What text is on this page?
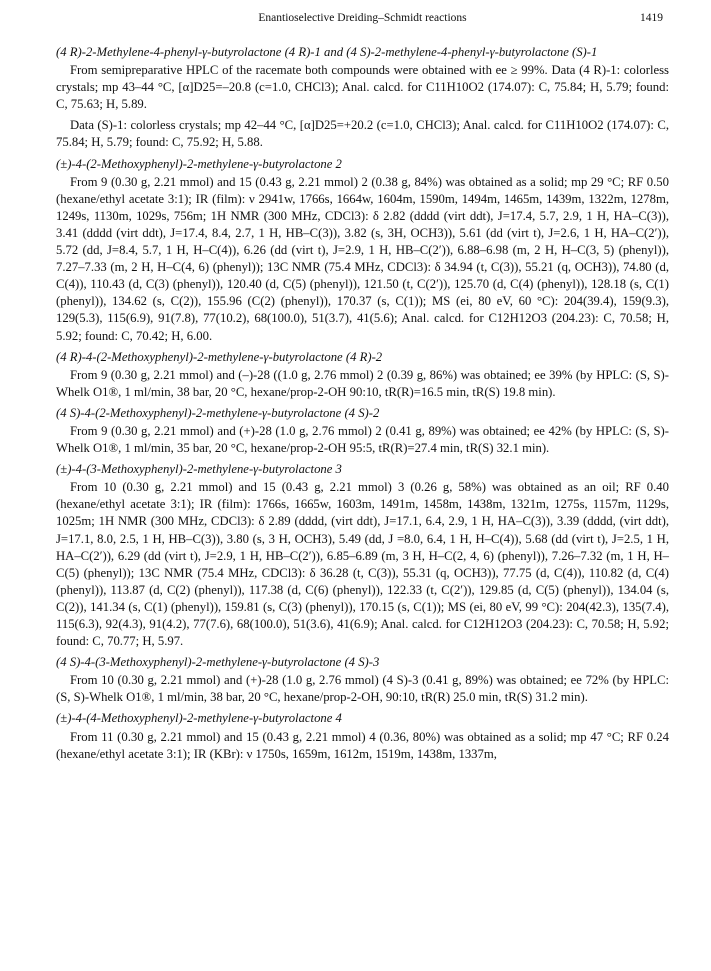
Enantioselective Dreiding–Schmidt reactions	1419
(4 R)-2-Methylene-4-phenyl-γ-butyrolactone (4 R)-1 and (4 S)-2-methylene-4-phenyl-γ-butyrolactone (S)-1

From semipreparative HPLC of the racemate both compounds were obtained with ee ≥ 99%. Data (4 R)-1: colorless crystals; mp 43–44 °C, [α]D25=–20.8 (c=1.0, CHCl3); Anal. calcd. for C11H10O2 (174.07): C, 75.84; H, 5.79; found: C, 75.63; H, 5.89.

Data (S)-1: colorless crystals; mp 42–44 °C, [α]D25=+20.2 (c=1.0, CHCl3); Anal. calcd. for C11H10O2 (174.07): C, 75.84; H, 5.79; found: C, 75.92; H, 5.88.

(±)-4-(2-Methoxyphenyl)-2-methylene-γ-butyrolactone 2

From 9 (0.30 g, 2.21 mmol) and 15 (0.43 g, 2.21 mmol) 2 (0.38 g, 84%) was obtained as a solid; mp 29 °C; RF 0.50 (hexane/ethyl acetate 3:1); IR (film): ν 2941w, 1766s, 1664w, 1604m, 1590m, 1494m, 1465m, 1439m, 1322m, 1278m, 1249s, 1130m, 1029s, 756m; 1H NMR (300 MHz, CDCl3): δ 2.82 (dddd (virt ddt), J=17.4, 5.7, 2.9, 1 H, HA–C(3)), 3.41 (dddd (virt ddt), J=17.4, 8.4, 2.7, 1 H, HB–C(3)), 3.82 (s, 3H, OCH3)), 5.61 (dd (virt t), J=2.6, 1 H, HA–C(2′)), 5.72 (dd, J=8.4, 5.7, 1 H, H–C(4)), 6.26 (dd (virt t), J=2.9, 1 H, HB–C(2′)), 6.88–6.98 (m, 2 H, H–C(3, 5) (phenyl)), 7.27–7.33 (m, 2 H, H–C(4, 6) (phenyl)); 13C NMR (75.4 MHz, CDCl3): δ 34.94 (t, C(3)), 55.21 (q, OCH3)), 74.80 (d, C(4)), 110.43 (d, C(3) (phenyl)), 120.40 (d, C(5) (phenyl)), 121.50 (t, C(2′)), 125.70 (d, C(4) (phenyl)), 128.18 (s, C(1) (phenyl)), 134.62 (s, C(2)), 155.96 (C(2) (phenyl)), 170.37 (s, C(1)); MS (ei, 80 eV, 60 °C): 204(39.4), 159(9.3), 129(5.3), 115(6.9), 91(7.8), 77(10.2), 68(100.0), 51(3.7), 41(5.6); Anal. calcd. for C12H12O3 (204.23): C, 70.58; H, 5.92; found: C, 70.42; H, 6.00.

(4 R)-4-(2-Methoxyphenyl)-2-methylene-γ-butyrolactone (4 R)-2

From 9 (0.30 g, 2.21 mmol) and (–)-28 ((1.0 g, 2.76 mmol) 2 (0.39 g, 86%) was obtained; ee 39% (by HPLC: (S, S)-Whelk O1®, 1 ml/min, 38 bar, 20 °C, hexane/prop-2-OH 90:10, tR(R)=16.5 min, tR(S) 19.8 min).

(4 S)-4-(2-Methoxyphenyl)-2-methylene-γ-butyrolactone (4 S)-2

From 9 (0.30 g, 2.21 mmol) and (+)-28 (1.0 g, 2.76 mmol) 2 (0.41 g, 89%) was obtained; ee 42% (by HPLC: (S, S)-Whelk O1®, 1 ml/min, 35 bar, 20 °C, hexane/prop-2-OH 95:5, tR(R)=27.4 min, tR(S) 32.1 min).

(±)-4-(3-Methoxyphenyl)-2-methylene-γ-butyrolactone 3

From 10 (0.30 g, 2.21 mmol) and 15 (0.43 g, 2.21 mmol) 3 (0.26 g, 58%) was obtained as an oil; RF 0.40 (hexane/ethyl acetate 3:1); IR (film): 1766s, 1665w, 1603m, 1491m, 1458m, 1438m, 1321m, 1275s, 1157m, 1129s, 1025m; 1H NMR (300 MHz, CDCl3): δ 2.89 (dddd, (virt ddt), J=17.1, 6.4, 2.9, 1 H, HA–C(3)), 3.39 (dddd, (virt ddt), J=17.1, 8.0, 2.5, 1 H, HB–C(3)), 3.80 (s, 3 H, OCH3), 5.49 (dd, J =8.0, 6.4, 1 H, H–C(4)), 5.68 (dd (virt t), J=2.5, 1 H, HA–C(2′)), 6.29 (dd (virt t), J=2.9, 1 H, HB–C(2′)), 6.85–6.89 (m, 3 H, H–C(2, 4, 6) (phenyl)), 7.26–7.32 (m, 1 H, H–C(5) (phenyl)); 13C NMR (75.4 MHz, CDCl3): δ 36.28 (t, C(3)), 55.31 (q, OCH3)), 77.75 (d, C(4)), 110.82 (d, C(4) (phenyl)), 113.87 (d, C(2) (phenyl)), 117.38 (d, C(6) (phenyl)), 122.33 (t, C(2′)), 129.85 (d, C(5) (phenyl)), 134.04 (s, C(2)), 141.34 (s, C(1) (phenyl)), 159.81 (s, C(3) (phenyl)), 170.15 (s, C(1)); MS (ei, 80 eV, 99 °C): 204(42.3), 135(7.4), 115(6.3), 92(4.3), 91(4.2), 77(7.6), 68(100.0), 51(3.6), 41(6.9); Anal. calcd. for C12H12O3 (204.23): C, 70.58; H, 5.92; found: C, 70.77; H, 5.97.

(4 S)-4-(3-Methoxyphenyl)-2-methylene-γ-butyrolactone (4 S)-3

From 10 (0.30 g, 2.21 mmol) and (+)-28 (1.0 g, 2.76 mmol) (4 S)-3 (0.41 g, 89%) was obtained; ee 72% (by HPLC: (S, S)-Whelk O1®, 1 ml/min, 38 bar, 20 °C, hexane/prop-2-OH, 90:10, tR(R) 25.0 min, tR(S) 31.2 min).

(±)-4-(4-Methoxyphenyl)-2-methylene-γ-butyrolactone 4

From 11 (0.30 g, 2.21 mmol) and 15 (0.43 g, 2.21 mmol) 4 (0.36, 80%) was obtained as a solid; mp 47 °C; RF 0.24 (hexane/ethyl acetate 3:1); IR (KBr): ν 1750s, 1659m, 1612m, 1519m, 1438m, 1337m,
